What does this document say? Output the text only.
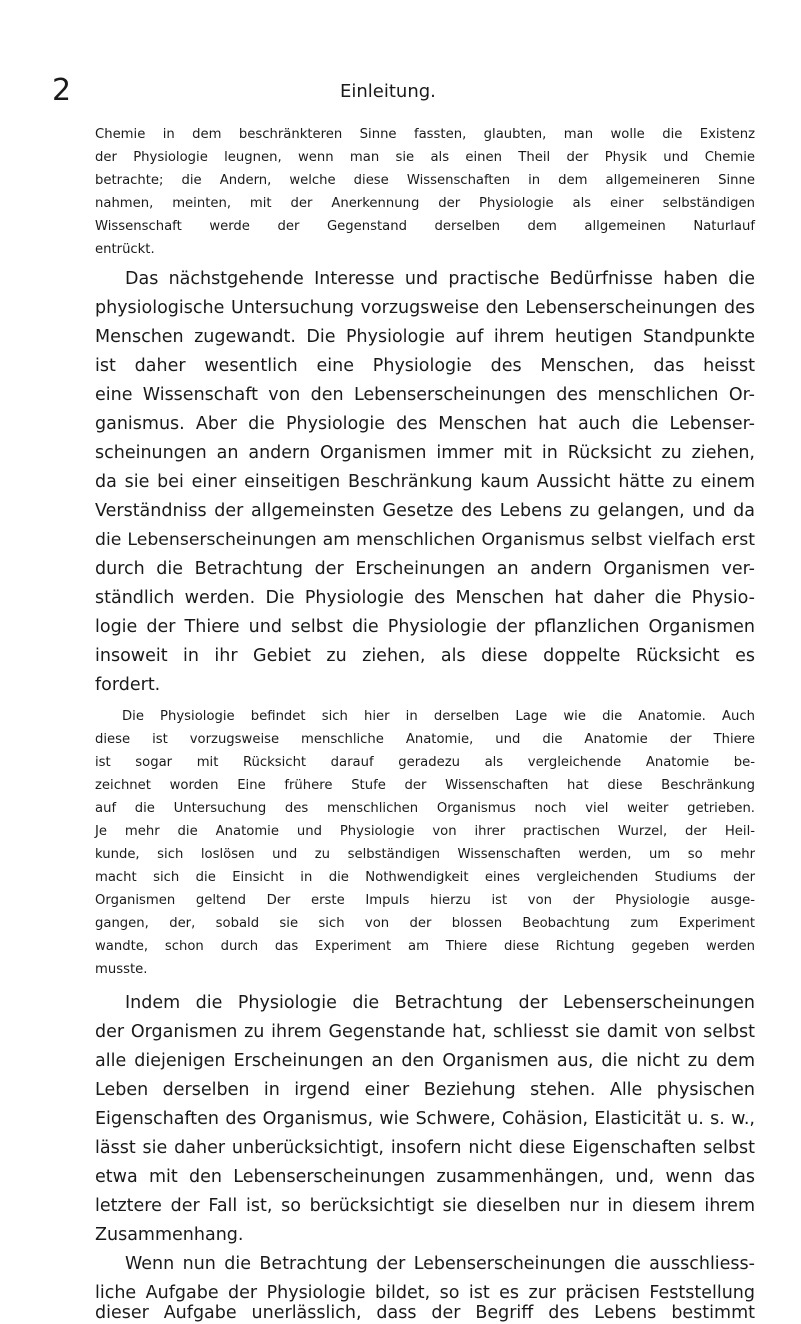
2	Einleitung.
Chemie in dem beschränkteren Sinne fassten, glaubten, man wolle die Existenz
der Physiologie leugnen, wenn man sie als einen Theil der Physik und Chemie
betrachte; die Andern, welche diese Wissenschaften in dem allgemeineren Sinne
nahmen, meinten, mit der Anerkennung der Physiologie als einer selbständigen
Wissenschaft werde der Gegenstand derselben dem allgemeinen Naturlauf
entrückt.
Das nächstgehende Interesse und practische Bedürfnisse haben die
physiologische Untersuchung vorzugsweise den Lebenserscheinungen des
Menschen zugewandt. Die Physiologie auf ihrem heutigen Standpunkte
ist daher wesentlich eine Physiologie des Menschen, das heisst
eine Wissenschaft von den Lebenserscheinungen des menschlichen Or-
ganismus. Aber die Physiologie des Menschen hat auch die Lebenser-
scheinungen an andern Organismen immer mit in Rücksicht zu ziehen,
da sie bei einer einseitigen Beschränkung kaum Aussicht hätte zu einem
Verständniss der allgemeinsten Gesetze des Lebens zu gelangen, und da
die Lebenserscheinungen am menschlichen Organismus selbst vielfach erst
durch die Betrachtung der Erscheinungen an andern Organismen ver-
ständlich werden. Die Physiologie des Menschen hat daher die Physio-
logie der Thiere und selbst die Physiologie der pflanzlichen Organismen
insoweit in ihr Gebiet zu ziehen, als diese doppelte Rücksicht es
fordert.
Die Physiologie befindet sich hier in derselben Lage wie die Anatomie. Auch
diese ist vorzugsweise menschliche Anatomie, und die Anatomie der Thiere
ist sogar mit Rücksicht darauf geradezu als vergleichende Anatomie be-
zeichnet worden Eine frühere Stufe der Wissenschaften hat diese Beschränkung
auf die Untersuchung des menschlichen Organismus noch viel weiter getrieben.
Je mehr die Anatomie und Physiologie von ihrer practischen Wurzel, der Heil-
kunde, sich loslösen und zu selbständigen Wissenschaften werden, um so mehr
macht sich die Einsicht in die Nothwendigkeit eines vergleichenden Studiums der
Organismen geltend Der erste Impuls hierzu ist von der Physiologie ausge-
gangen, der, sobald sie sich von der blossen Beobachtung zum Experiment
wandte, schon durch das Experiment am Thiere diese Richtung gegeben werden
musste.
Indem die Physiologie die Betrachtung der Lebenserscheinungen
der Organismen zu ihrem Gegenstande hat, schliesst sie damit von selbst
alle diejenigen Erscheinungen an den Organismen aus, die nicht zu dem
Leben derselben in irgend einer Beziehung stehen. Alle physischen
Eigenschaften des Organismus, wie Schwere, Cohäsion, Elasticität u. s. w.,
lässt sie daher unberücksichtigt, insofern nicht diese Eigenschaften selbst
etwa mit den Lebenserscheinungen zusammenhängen, und, wenn das
letztere der Fall ist, so berücksichtigt sie dieselben nur in diesem ihrem
Zusammenhang.
Wenn nun die Betrachtung der Lebenserscheinungen die ausschliess-
liche Aufgabe der Physiologie bildet, so ist es zur präcisen Feststellung
dieser Aufgabe unerlässlich, dass der Begriff des Lebens bestimmt
